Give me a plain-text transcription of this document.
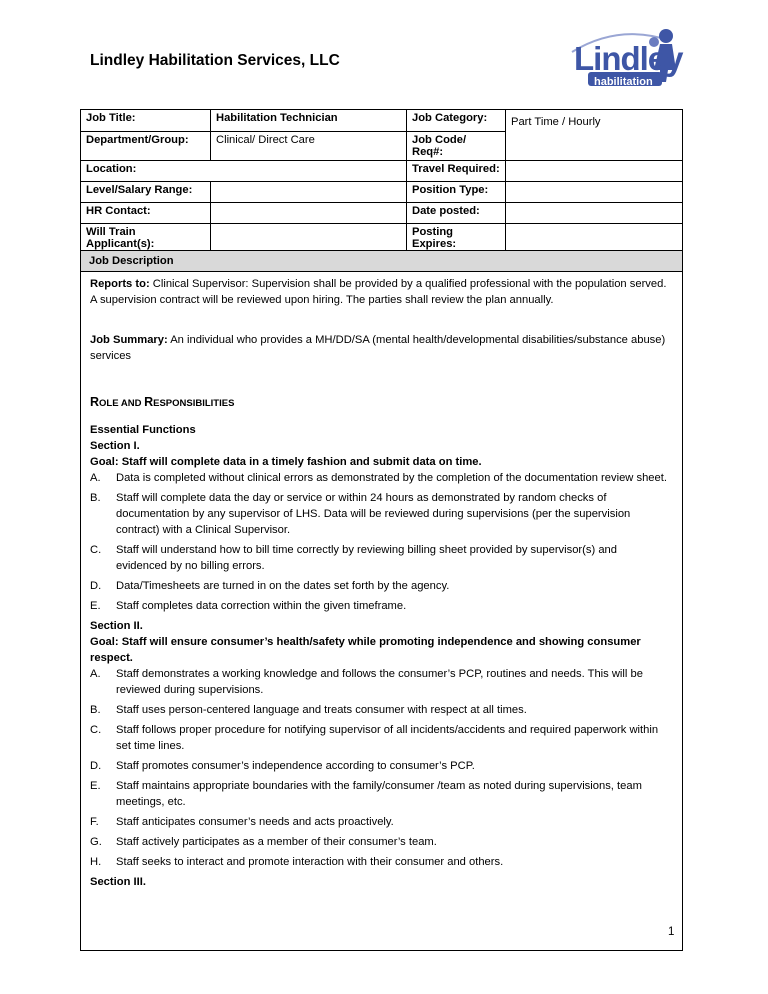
Lindley Habilitation Services, LLC	Lindley
habilitation
Job Title:	Habilitation Technician	Job Category:	Part Time / Hourly
Department/Group:	Clinical/ Direct Care	Job Code/ Req#:	
Location:		Travel Required:	
Level/Salary Range:		Position Type:	
HR Contact:		Date posted:	
Will Train Applicant(s):		Posting Expires:	
Job Description

Reports to: Clinical Supervisor: Supervision shall be provided by a qualified professional with the population served. A supervision contract will be reviewed upon hiring. The parties shall review the plan annually.

Job Summary: An individual who provides a MH/DD/SA (mental health/developmental disabilities/substance abuse) services

ROLE AND RESPONSIBILITIES

Essential Functions

Section I.

Goal: Staff will complete data in a timely fashion and submit data on time.

A.	Data is completed without clinical errors as demonstrated by the completion of the documentation review sheet.
B.	Staff will complete data the day or service or within 24 hours as demonstrated by random checks of documentation by any supervisor of LHS. Data will be reviewed during supervisions (per the supervision contract) with a Clinical Supervisor.
C.	Staff will understand how to bill time correctly by reviewing billing sheet provided by supervisor(s) and evidenced by no billing errors.
D.	Data/Timesheets are turned in on the dates set forth by the agency.
E.	Staff completes data correction within the given timeframe.

Section II.

Goal: Staff will ensure consumer’s health/safety while promoting independence and showing consumer respect.

A.	Staff demonstrates a working knowledge and follows the consumer’s PCP, routines and needs. This will be reviewed during supervisions.
B.	Staff uses person-centered language and treats consumer with respect at all times.
C.	Staff follows proper procedure for notifying supervisor of all incidents/accidents and required paperwork within set time lines.
D.	Staff promotes consumer’s independence according to consumer’s PCP.
E.	Staff maintains appropriate boundaries with the family/consumer /team as noted during supervisions, team meetings, etc.
F.	Staff anticipates consumer’s needs and acts proactively.
G.	Staff actively participates as a member of their consumer’s team.
H.	Staff seeks to interact and promote interaction with their consumer and others.

Section III.

1
